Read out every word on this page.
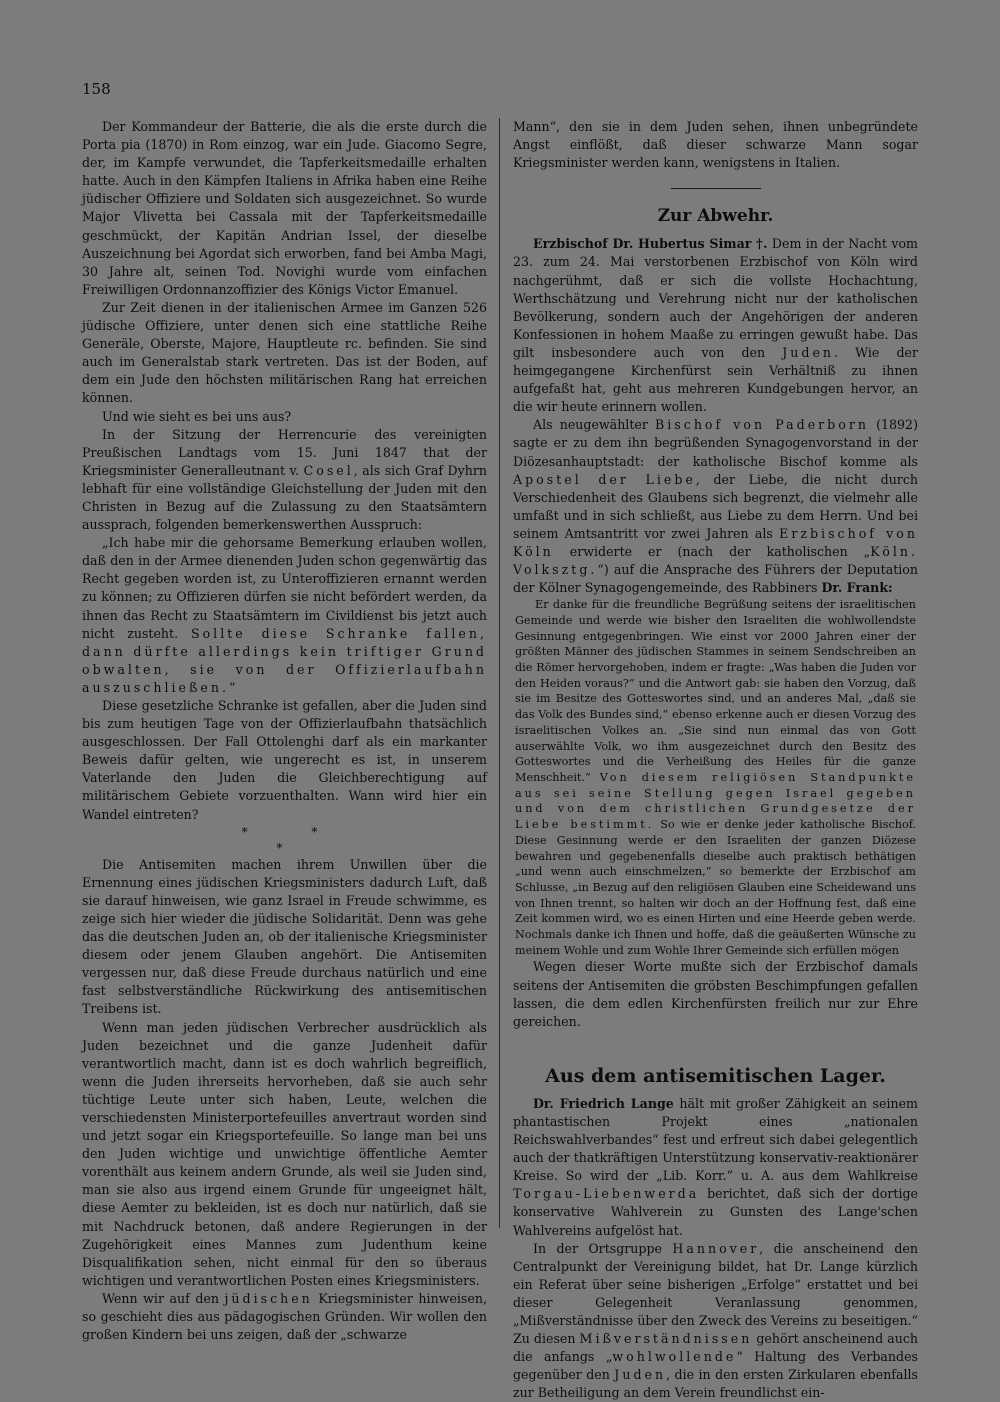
158

Der Kommandeur der Batterie, die als die erste durch die Porta pia (1870) in Rom einzog, war ein Jude. Giacomo Segre, der, im Kampfe verwundet, die Tapferkeitsmedaille erhalten hatte. Auch in den Kämpfen Italiens in Afrika haben eine Reihe jüdischer Offiziere und Soldaten sich ausgezeichnet. So wurde Major Vlivetta bei Cassala mit der Tapferkeitsmedaille geschmückt, der Kapitän Andrian Issel, der dieselbe Auszeichnung bei Agordat sich erworben, fand bei Amba Magi, 30 Jahre alt, seinen Tod. Novighi wurde vom einfachen Freiwilligen Ordonnanzoffizier des Königs Victor Emanuel.

Zur Zeit dienen in der italienischen Armee im Ganzen 526 jüdische Offiziere, unter denen sich eine stattliche Reihe Generäle, Oberste, Majore, Hauptleute rc. befinden. Sie sind auch im Generalstab stark vertreten. Das ist der Boden, auf dem ein Jude den höchsten militärischen Rang hat erreichen können.

Und wie sieht es bei uns aus?

In der Sitzung der Herrencurie des vereinigten Preußischen Landtags vom 15. Juni 1847 that der Kriegsminister Generalleutnant v. Cosel, als sich Graf Dyhrn lebhaft für eine vollständige Gleichstellung der Juden mit den Christen in Bezug auf die Zulassung zu den Staatsämtern aussprach, folgenden bemerkenswerthen Ausspruch:

„Ich habe mir die gehorsame Bemerkung erlauben wollen, daß den in der Armee dienenden Juden schon gegenwärtig das Recht gegeben worden ist, zu Unteroffizieren ernannt werden zu können; zu Offizieren dürfen sie nicht befördert werden, da ihnen das Recht zu Staatsämtern im Civildienst bis jetzt auch nicht zusteht. Sollte diese Schranke fallen, dann dürfte allerdings kein triftiger Grund obwalten, sie von der Offizierlaufbahn auszuschließen.“

Diese gesetzliche Schranke ist gefallen, aber die Juden sind bis zum heutigen Tage von der Offizierlaufbahn thatsächlich ausgeschlossen. Der Fall Ottolenghi darf als ein markanter Beweis dafür gelten, wie ungerecht es ist, in unserem Vaterlande den Juden die Gleichberechtigung auf militärischem Gebiete vorzuenthalten. Wann wird hier ein Wandel eintreten?

* *

*

Die Antisemiten machen ihrem Unwillen über die Ernennung eines jüdischen Kriegsministers dadurch Luft, daß sie darauf hinweisen, wie ganz Israel in Freude schwimme, es zeige sich hier wieder die jüdische Solidarität. Denn was gehe das die deutschen Juden an, ob der italienische Kriegsminister diesem oder jenem Glauben angehört. Die Antisemiten vergessen nur, daß diese Freude durchaus natürlich und eine fast selbstverständliche Rückwirkung des antisemitischen Treibens ist.

Wenn man jeden jüdischen Verbrecher ausdrücklich als Juden bezeichnet und die ganze Judenheit dafür verantwortlich macht, dann ist es doch wahrlich begreiflich, wenn die Juden ihrerseits hervorheben, daß sie auch sehr tüchtige Leute unter sich haben, Leute, welchen die verschiedensten Ministerportefeuilles anvertraut worden sind und jetzt sogar ein Kriegsportefeuille. So lange man bei uns den Juden wichtige und unwichtige öffentliche Aemter vorenthält aus keinem andern Grunde, als weil sie Juden sind, man sie also aus irgend einem Grunde für ungeeignet hält, diese Aemter zu bekleiden, ist es doch nur natürlich, daß sie mit Nachdruck betonen, daß andere Regierungen in der Zugehörigkeit eines Mannes zum Judenthum keine Disqualifikation sehen, nicht einmal für den so überaus wichtigen und verantwortlichen Posten eines Kriegsministers.

Wenn wir auf den jüdischen Kriegsminister hinweisen, so geschieht dies aus pädagogischen Gründen. Wir wollen den großen Kindern bei uns zeigen, daß der „schwarze

Mann“, den sie in dem Juden sehen, ihnen unbegründete Angst einflößt, daß dieser schwarze Mann sogar Kriegsminister werden kann, wenigstens in Italien.

Zur Abwehr.

Erzbischof Dr. Hubertus Simar †. Dem in der Nacht vom 23. zum 24. Mai verstorbenen Erzbischof von Köln wird nachgerühmt, daß er sich die vollste Hochachtung, Werthschätzung und Verehrung nicht nur der katholischen Bevölkerung, sondern auch der Angehörigen der anderen Konfessionen in hohem Maaße zu erringen gewußt habe. Das gilt insbesondere auch von den Juden. Wie der heimgegangene Kirchenfürst sein Verhältniß zu ihnen aufgefaßt hat, geht aus mehreren Kundgebungen hervor, an die wir heute erinnern wollen.

Als neugewählter Bischof von Paderborn (1892) sagte er zu dem ihn begrüßenden Synagogenvorstand in der Diözesanhauptstadt: der katholische Bischof komme als Apostel der Liebe, der Liebe, die nicht durch Verschiedenheit des Glaubens sich begrenzt, die vielmehr alle umfaßt und in sich schließt, aus Liebe zu dem Herrn. Und bei seinem Amtsantritt vor zwei Jahren als Erzbischof von Köln erwiderte er (nach der katholischen „Köln. Volksztg.“) auf die Ansprache des Führers der Deputation der Kölner Synagogengemeinde, des Rabbiners Dr. Frank:

Er danke für die freundliche Begrüßung seitens der israelitischen Gemeinde und werde wie bisher den Israeliten die wohlwollendste Gesinnung entgegenbringen. Wie einst vor 2000 Jahren einer der größten Männer des jüdischen Stammes in seinem Sendschreiben an die Römer hervorgehoben, indem er fragte: „Was haben die Juden vor den Heiden voraus?“ und die Antwort gab: sie haben den Vorzug, daß sie im Besitze des Gotteswortes sind, und an anderes Mal, „daß sie das Volk des Bundes sind,“ ebenso erkenne auch er diesen Vorzug des israelitischen Volkes an. „Sie sind nun einmal das von Gott auserwählte Volk, wo ihm ausgezeichnet durch den Besitz des Gotteswortes und die Verheißung des Heiles für die ganze Menschheit.“ Von diesem religiösen Standpunkte aus sei seine Stellung gegen Israel gegeben und von dem christlichen Grundgesetze der Liebe bestimmt. So wie er denke jeder katholische Bischof. Diese Gesinnung werde er den Israeliten der ganzen Diözese bewahren und gegebenenfalls dieselbe auch praktisch bethätigen „und wenn auch einschmelzen,“ so bemerkte der Erzbischof am Schlusse, „in Bezug auf den religiösen Glauben eine Scheidewand uns von Ihnen trennt, so halten wir doch an der Hoffnung fest, daß eine Zeit kommen wird, wo es einen Hirten und eine Heerde geben werde. Nochmals danke ich Ihnen und hoffe, daß die geäußerten Wünsche zu meinem Wohle und zum Wohle Ihrer Gemeinde sich erfüllen mögen

Wegen dieser Worte mußte sich der Erzbischof damals seitens der Antisemiten die gröbsten Beschimpfungen gefallen lassen, die dem edlen Kirchenfürsten freilich nur zur Ehre gereichen.

Aus dem antisemitischen Lager.

Dr. Friedrich Lange hält mit großer Zähigkeit an seinem phantastischen Projekt eines „nationalen Reichswahlverbandes“ fest und erfreut sich dabei gelegentlich auch der thatkräftigen Unterstützung konservativ-reaktionärer Kreise. So wird der „Lib. Korr.“ u. A. aus dem Wahlkreise Torgau-Liebenwerda berichtet, daß sich der dortige konservative Wahlverein zu Gunsten des Lange'schen Wahlvereins aufgelöst hat.

In der Ortsgruppe Hannover, die anscheinend den Centralpunkt der Vereinigung bildet, hat Dr. Lange kürzlich ein Referat über seine bisherigen „Erfolge“ erstattet und bei dieser Gelegenheit Veranlassung genommen, „Mißverständnisse über den Zweck des Vereins zu beseitigen.“ Zu diesen Mißverständnissen gehört anscheinend auch die anfangs „wohlwollende“ Haltung des Verbandes gegenüber den Juden, die in den ersten Zirkularen ebenfalls zur Betheiligung an dem Verein freundlichst ein-
